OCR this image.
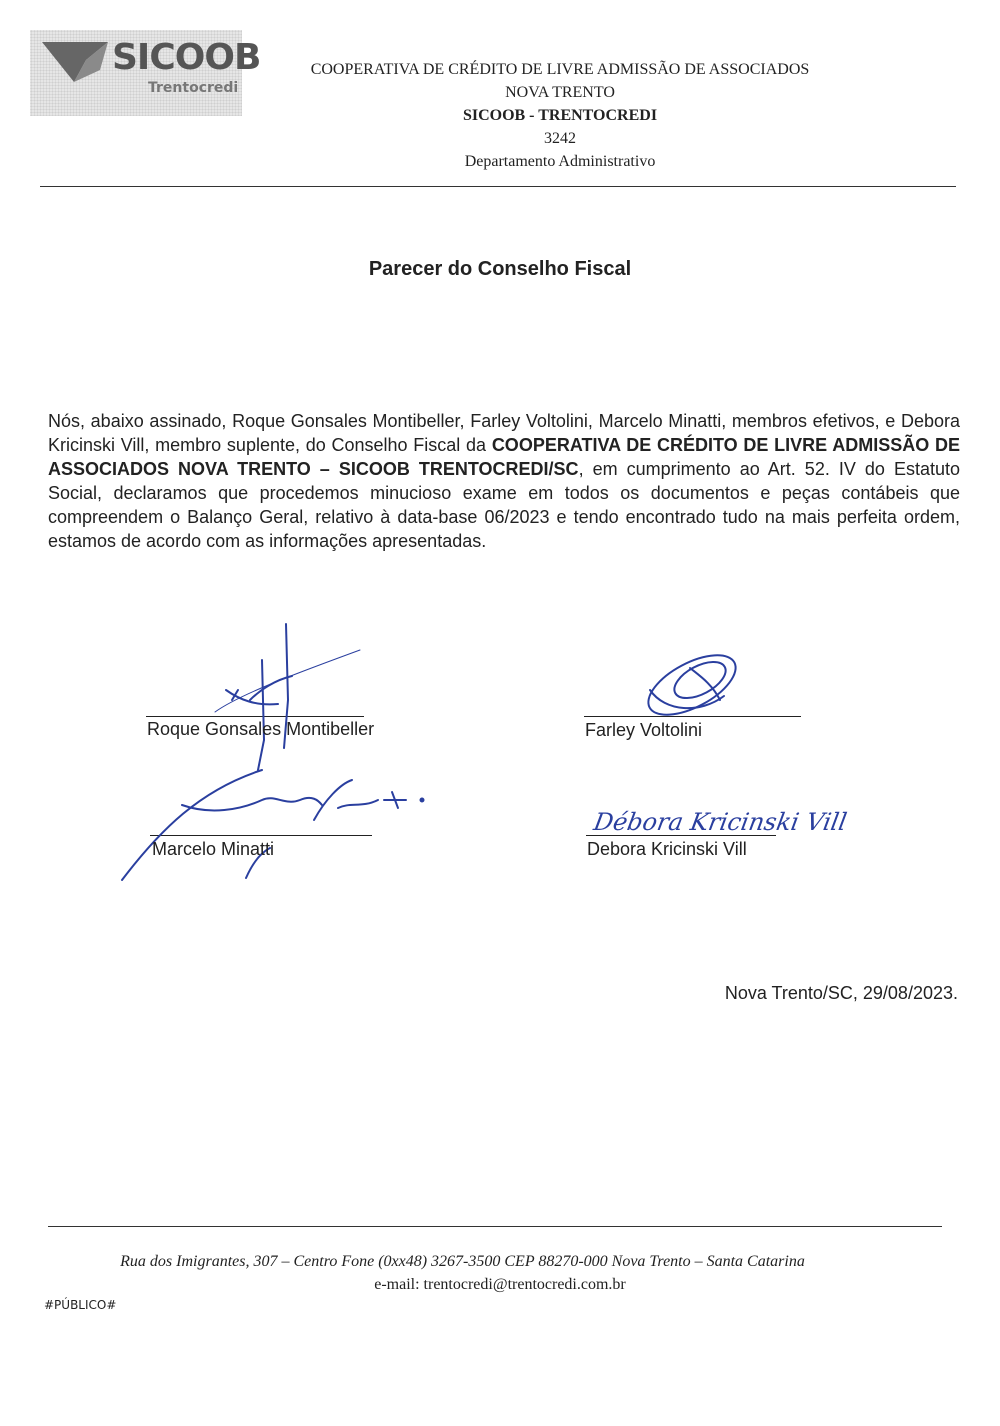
SICOOB
Trentocredi
COOPERATIVA DE CRÉDITO DE LIVRE ADMISSÃO DE ASSOCIADOS
NOVA TRENTO
SICOOB - TRENTOCREDI
3242
Departamento Administrativo
Parecer do Conselho Fiscal
Nós, abaixo assinado, Roque Gonsales Montibeller, Farley Voltolini, Marcelo Minatti, membros efetivos, e Debora Kricinski Vill, membro suplente, do Conselho Fiscal da COOPERATIVA DE CRÉDITO DE LIVRE ADMISSÃO DE ASSOCIADOS NOVA TRENTO – SICOOB TRENTOCREDI/SC, em cumprimento ao Art. 52. IV do Estatuto Social, declaramos que procedemos minucioso exame em todos os documentos e peças contábeis que compreendem o Balanço Geral, relativo à data-base 06/2023 e tendo encontrado tudo na mais perfeita ordem, estamos de acordo com as informações apresentadas.
Débora Kricinski Vill
Roque Gonsales Montibeller	Farley Voltolini
Marcelo Minatti	Debora Kricinski Vill
Nova Trento/SC, 29/08/2023.
Rua dos Imigrantes, 307 – Centro Fone (0xx48) 3267-3500 CEP 88270-000 Nova Trento – Santa Catarina
e-mail: trentocredi@trentocredi.com.br
#PÚBLICO#
